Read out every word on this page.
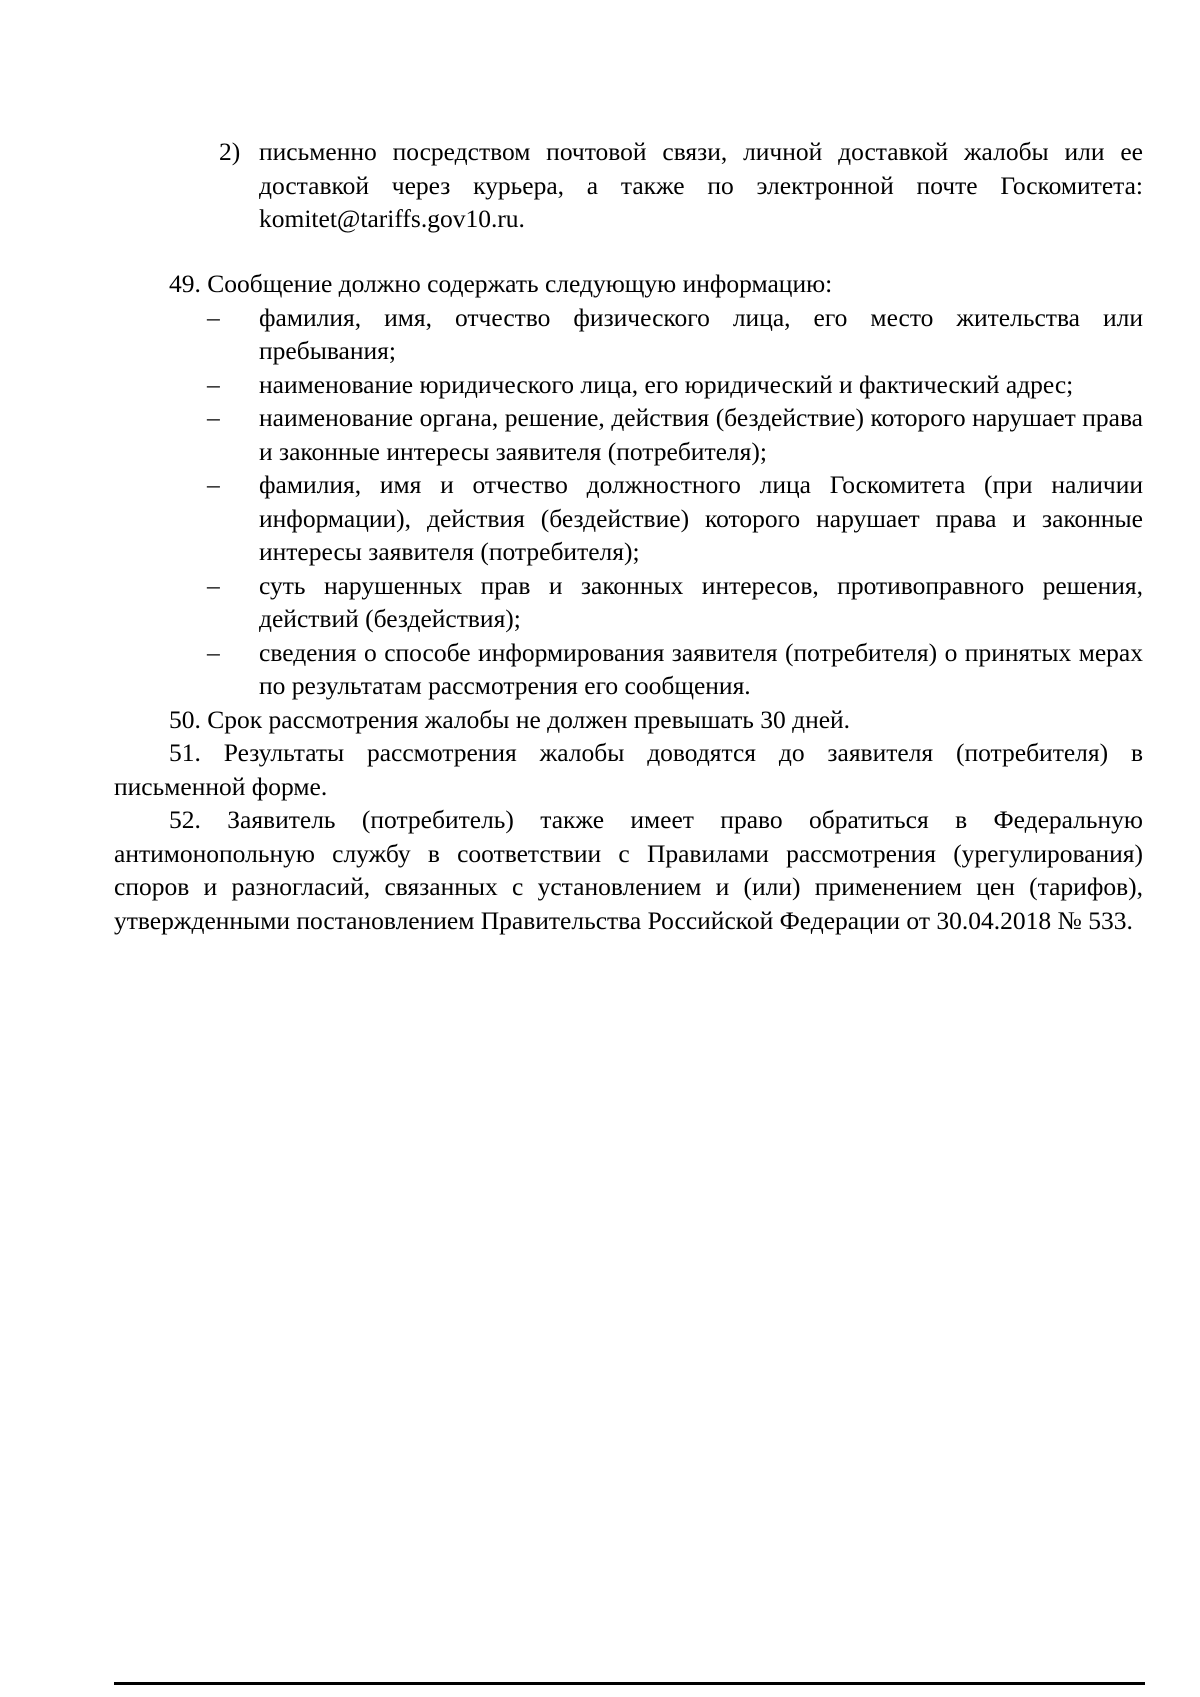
2) письменно посредством почтовой связи, личной доставкой жалобы или ее доставкой через курьера, а также по электронной почте Госкомитета: komitet@tariffs.gov10.ru.
49. Сообщение должно содержать следующую информацию:
– фамилия, имя, отчество физического лица, его место жительства или пребывания;
– наименование юридического лица, его юридический и фактический адрес;
– наименование органа, решение, действия (бездействие) которого нарушает права и законные интересы заявителя (потребителя);
– фамилия, имя и отчество должностного лица Госкомитета (при наличии информации), действия (бездействие) которого нарушает права и законные интересы заявителя (потребителя);
– суть нарушенных прав и законных интересов, противоправного решения, действий (бездействия);
– сведения о способе информирования заявителя (потребителя) о принятых мерах по результатам рассмотрения его сообщения.
50. Срок рассмотрения жалобы не должен превышать 30 дней.
51. Результаты рассмотрения жалобы доводятся до заявителя (потребителя) в письменной форме.
52. Заявитель (потребитель) также имеет право обратиться в Федеральную антимонопольную службу в соответствии с Правилами рассмотрения (урегулирования) споров и разногласий, связанных с установлением и (или) применением цен (тарифов), утвержденными постановлением Правительства Российской Федерации от 30.04.2018 № 533.
